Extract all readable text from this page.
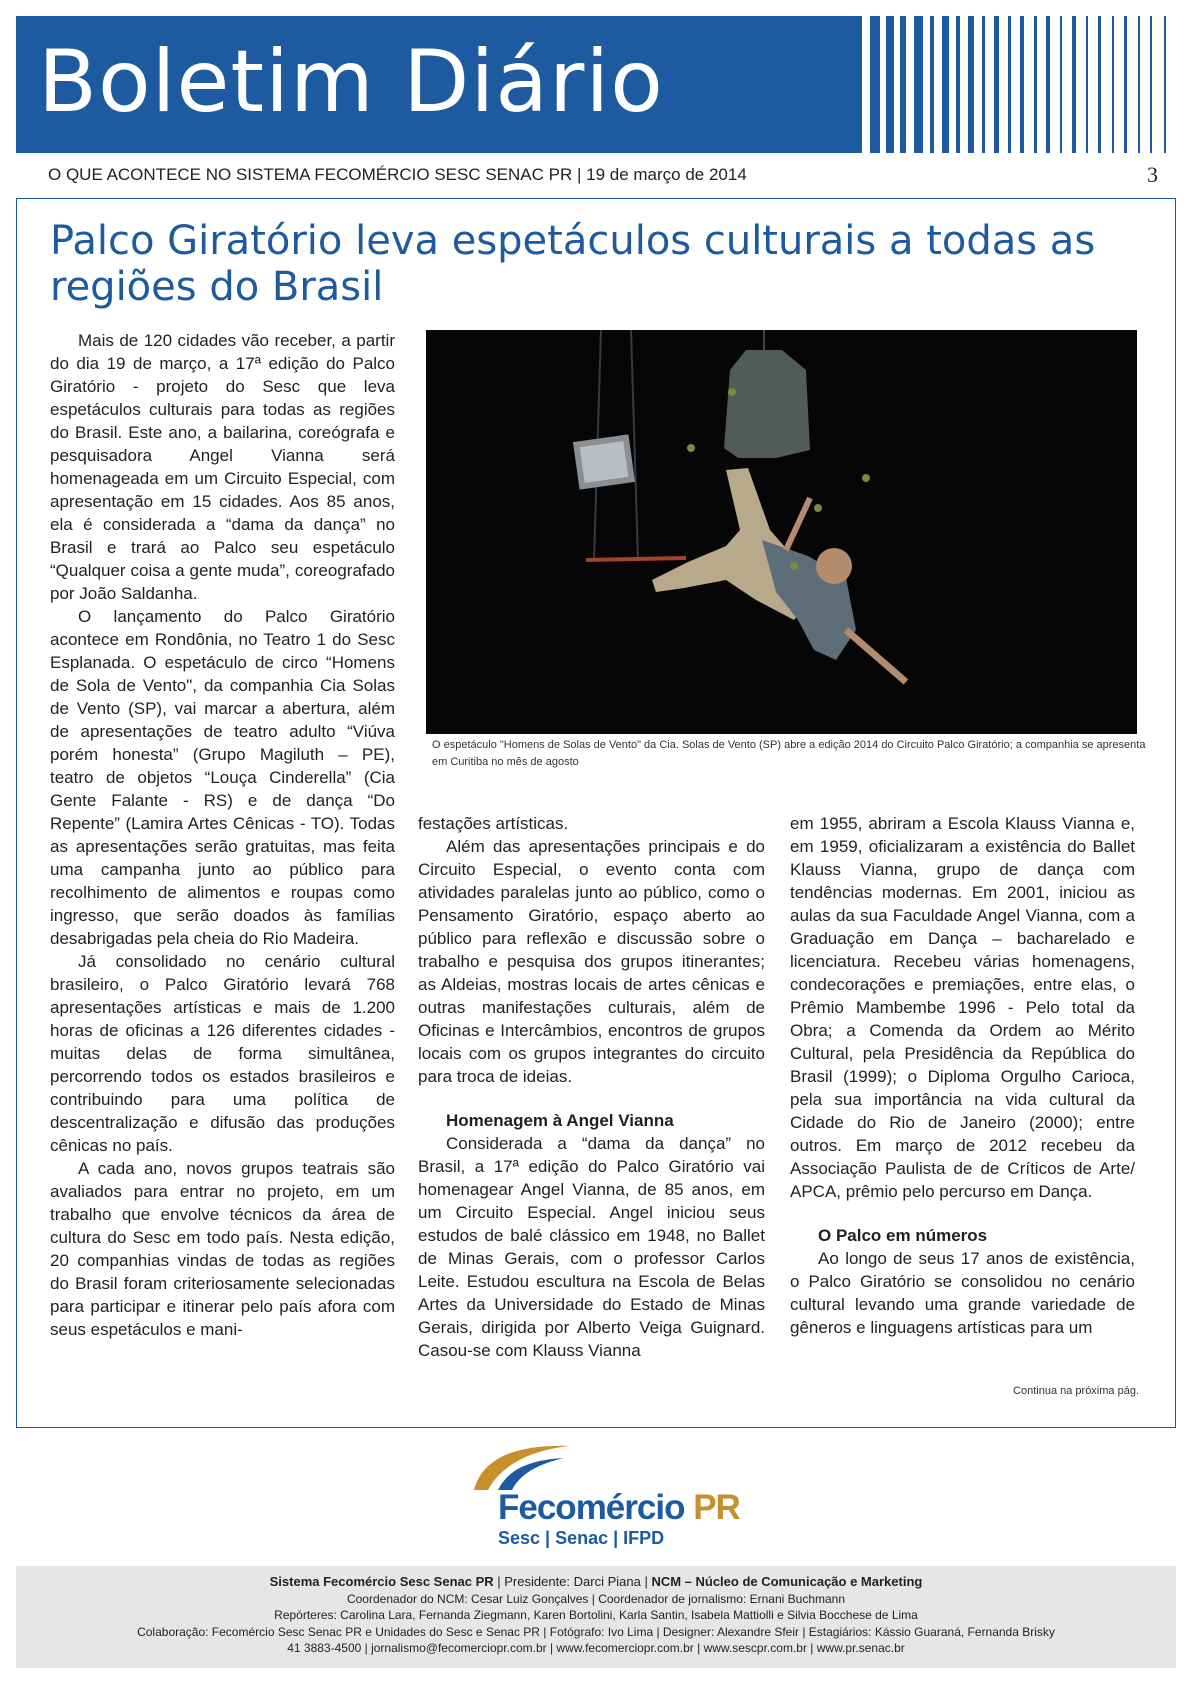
Boletim Diário
O QUE ACONTECE NO SISTEMA FECOMÉRCIO SESC SENAC PR | 19 de março de 2014	3
Palco Giratório leva espetáculos culturais a todas as regiões do Brasil
O espetáculo "Homens de Solas de Vento" da Cia. Solas de Vento (SP) abre a edição 2014 do Circuito Palco Giratório; a companhia se apresenta em Curitiba no mês de agosto

Mais de 120 cidades vão receber, a partir do dia 19 de março, a 17ª edição do Palco Giratório - projeto do Sesc que leva espetáculos culturais para todas as regiões do Brasil. Este ano, a bailarina, coreógrafa e pesquisadora Angel Vianna será homenageada em um Circuito Especial, com apresentação em 15 cidades. Aos 85 anos, ela é considerada a “dama da dança” no Brasil e trará ao Palco seu espetáculo “Qualquer coisa a gente muda”, coreografado por João Saldanha.

O lançamento do Palco Giratório acontece em Rondônia, no Teatro 1 do Sesc Esplanada. O espetáculo de circo “Homens de Sola de Vento", da companhia Cia Solas de Vento (SP), vai marcar a abertura, além de apresentações de teatro adulto “Viúva porém honesta” (Grupo Magiluth – PE), teatro de objetos “Louça Cinderella” (Cia Gente Falante - RS) e de dança “Do Repente” (Lamira Artes Cênicas - TO). Todas as apresentações serão gratuitas, mas feita uma campanha junto ao público para recolhimento de alimentos e roupas como ingresso, que serão doados às famílias desabrigadas pela cheia do Rio Madeira.

Já consolidado no cenário cultural brasileiro, o Palco Giratório levará 768 apresentações artísticas e mais de 1.200 horas de oficinas a 126 diferentes cidades - muitas delas de forma simultânea, percorrendo todos os estados brasileiros e contribuindo para uma política de descentralização e difusão das produções cênicas no país.

A cada ano, novos grupos teatrais são avaliados para entrar no projeto, em um trabalho que envolve técnicos da área de cultura do Sesc em todo país. Nesta edição, 20 companhias vindas de todas as regiões do Brasil foram criteriosamente selecionadas para participar e itinerar pelo país afora com seus espetáculos e mani-

festações artísticas.

Além das apresentações principais e do Circuito Especial, o evento conta com atividades paralelas junto ao público, como o Pensamento Giratório, espaço aberto ao público para reflexão e discussão sobre o trabalho e pesquisa dos grupos itinerantes; as Aldeias, mostras locais de artes cênicas e outras manifestações culturais, além de Oficinas e Intercâmbios, encontros de grupos locais com os grupos integrantes do circuito para troca de ideias.

Homenagem à Angel Vianna

Considerada a “dama da dança” no Brasil, a 17ª edição do Palco Giratório vai homenagear Angel Vianna, de 85 anos, em um Circuito Especial. Angel iniciou seus estudos de balé clássico em 1948, no Ballet de Minas Gerais, com o professor Carlos Leite. Estudou escultura na Escola de Belas Artes da Universidade do Estado de Minas Gerais, dirigida por Alberto Veiga Guignard. Casou-se com Klauss Vianna

em 1955, abriram a Escola Klauss Vianna e, em 1959, oficializaram a existência do Ballet Klauss Vianna, grupo de dança com tendências modernas. Em 2001, iniciou as aulas da sua Faculdade Angel Vianna, com a Graduação em Dança – bacharelado e licenciatura. Recebeu várias homenagens, condecorações e premiações, entre elas, o Prêmio Mambembe 1996 - Pelo total da Obra; a Comenda da Ordem ao Mérito Cultural, pela Presidência da República do Brasil (1999); o Diploma Orgulho Carioca, pela sua importância na vida cultural da Cidade do Rio de Janeiro (2000); entre outros. Em março de 2012 recebeu da Associação Paulista de de Críticos de Arte/ APCA, prêmio pelo percurso em Dança.

O Palco em números

Ao longo de seus 17 anos de existência, o Palco Giratório se consolidou no cenário cultural levando uma grande variedade de gêneros e linguagens artísticas para um

Continua na próxima pág.
Fecomércio PR
Sesc | Senac | IFPD
Sistema Fecomércio Sesc Senac PR | Presidente: Darci Piana | NCM – Núcleo de Comunicação e Marketing
Coordenador do NCM: Cesar Luiz Gonçalves | Coordenador de jornalismo: Ernani Buchmann
Repórteres: Carolina Lara, Fernanda Ziegmann, Karen Bortolini, Karla Santin, Isabela Mattiolli e Silvia Bocchese de Lima
Colaboração: Fecomércio Sesc Senac PR e Unidades do Sesc e Senac PR | Fotógrafo: Ivo Lima | Designer: Alexandre Sfeir | Estagiários: Kássio Guaraná, Fernanda Brisky
41 3883-4500 | jornalismo@fecomerciopr.com.br | www.fecomerciopr.com.br | www.sescpr.com.br | www.pr.senac.br
